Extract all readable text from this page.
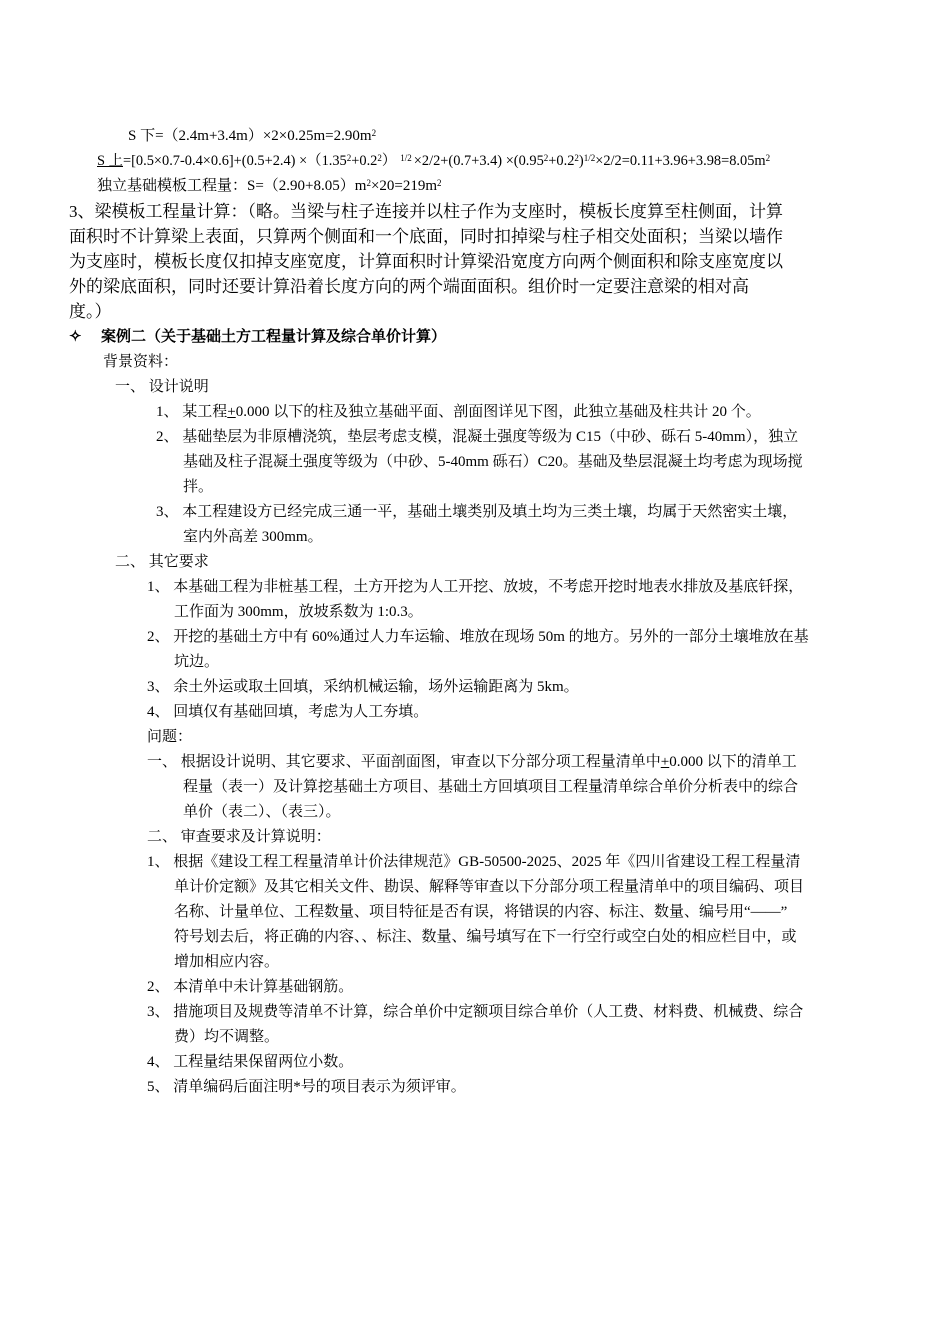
S 下$=(2.4m+3.4m)\times 2\times 0.25m=2.90m^2$
S 上$=[0.5\times 0.7-0.4\times 0.6]+(0.5+2.4) \times(1.35^2+0.2^2)$ $^{1/2} \times 2/2+(0.7+3.4) \times(0.95^2+0.2^2)^{1/2}\times 2/2=0.11+3.96+3.98=8.05m^2$
独立基础模板工程量：$S=(2.90+8.05)m^2\times 20=219m^2$
3、梁模板工程量计算：（略。当梁与柱子连接并以柱子作为支座时，模板长度算至柱侧面，计算
面积时不计算梁上表面，只算两个侧面和一个底面，同时扣掉梁与柱子相交处面积；当梁以墙作
为支座时，模板长度仅扣掉支座宽度，计算面积时计算梁沿宽度方向两个侧面积和除支座宽度以
外的梁底面积，同时还要计算沿着长度方向的两个端面面积。组价时一定要注意梁的相对高
度。）
✧ 案例二（关于基础土方工程量计算及综合单价计算）
背景资料：
一、 设计说明
1、 某工程+0.000 以下的柱及独立基础平面、剖面图详见下图，此独立基础及柱共计 20 个。
2、 基础垫层为非原槽浇筑，垫层考虑支模，混凝土强度等级为 C15（中砂、砾石 5-40mm），独立
基础及柱子混凝土强度等级为（中砂、5-40mm 砾石）C20。基础及垫层混凝土均考虑为现场搅
拌。
3、 本工程建设方已经完成三通一平，基础土壤类别及填土均为三类土壤，均属于天然密实土壤，
室内外高差 300mm。
二、 其它要求
1、 本基础工程为非桩基工程，土方开挖为人工开挖、放坡，不考虑开挖时地表水排放及基底钎探，
工作面为 300mm，放坡系数为 1:0.3。
2、 开挖的基础土方中有 60%通过人力车运输、堆放在现场 50m 的地方。另外的一部分土壤堆放在基
坑边。
3、 余土外运或取土回填，采纳机械运输，场外运输距离为 5km。
4、 回填仅有基础回填，考虑为人工夯填。
问题：
一、 根据设计说明、其它要求、平面剖面图，审查以下分部分项工程量清单中+0.000 以下的清单工
程量（表一）及计算挖基础土方项目、基础土方回填项目工程量清单综合单价分析表中的综合
单价（表二）、（表三）。
二、 审查要求及计算说明：
1、 根据《建设工程工程量清单计价法律规范》GB-50500-2025、2025 年《四川省建设工程工程量清
单计价定额》及其它相关文件、勘误、解释等审查以下分部分项工程量清单中的项目编码、项目
名称、计量单位、工程数量、项目特征是否有误，将错误的内容、标注、数量、编号用“——”
符号划去后，将正确的内容、、标注、数量、编号填写在下一行空行或空白处的相应栏目中，或
增加相应内容。
2、 本清单中未计算基础钢筋。
3、 措施项目及规费等清单不计算，综合单价中定额项目综合单价（人工费、材料费、机械费、综合
费）均不调整。
4、 工程量结果保留两位小数。
5、 清单编码后面注明*号的项目表示为须评审。
